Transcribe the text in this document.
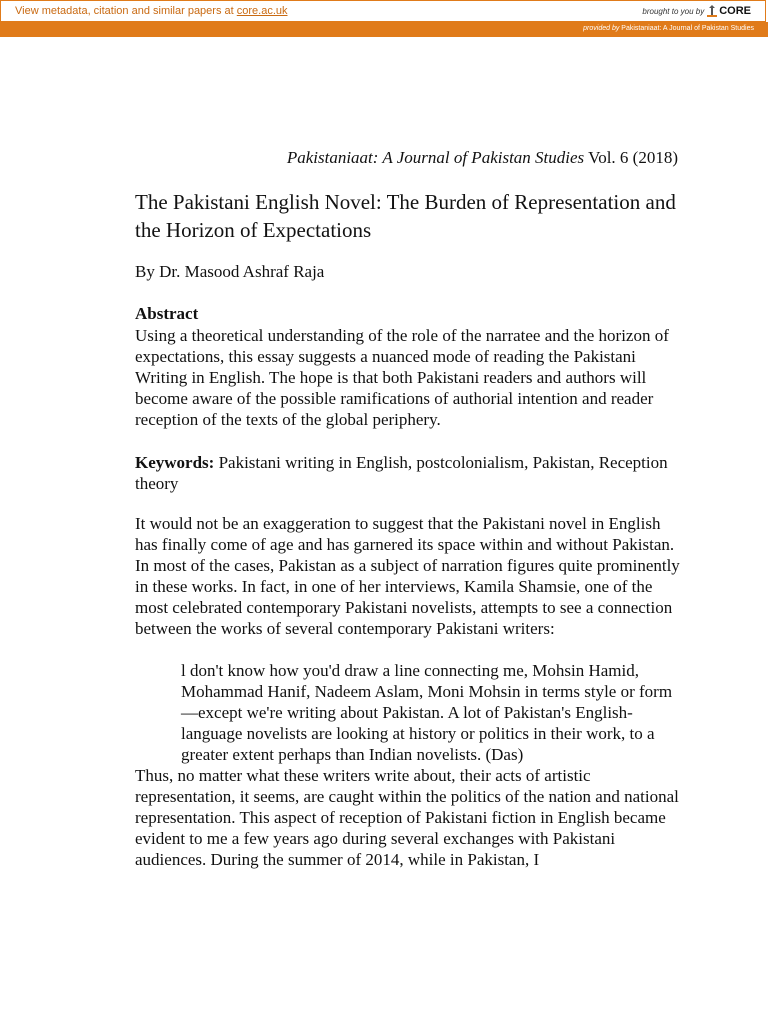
View metadata, citation and similar papers at core.ac.uk	brought to you by CORE
provided by Pakistaniaat: A Journal of Pakistan Studies
Pakistaniaat: A Journal of Pakistan Studies Vol. 6 (2018)
The Pakistani English Novel: The Burden of Representation and the Horizon of Expectations
By Dr. Masood Ashraf Raja
Abstract
Using a theoretical understanding of the role of the narratee and the horizon of expectations, this essay suggests a nuanced mode of reading the Pakistani Writing in English. The hope is that both Pakistani readers and authors will become aware of the possible ramifications of authorial intention and reader reception of the texts of the global periphery.
Keywords: Pakistani writing in English, postcolonialism, Pakistan, Reception theory
It would not be an exaggeration to suggest that the Pakistani novel in English has finally come of age and has garnered its space within and without Pakistan. In most of the cases, Pakistan as a subject of narration figures quite prominently in these works. In fact, in one of her interviews, Kamila Shamsie, one of the most celebrated contemporary Pakistani novelists, attempts to see a connection between the works of several contemporary Pakistani writers:
l don't know how you'd draw a line connecting me, Mohsin Hamid, Mohammad Hanif, Nadeem Aslam, Moni Mohsin in terms style or form—except we're writing about Pakistan. A lot of Pakistan's English-language novelists are looking at history or politics in their work, to a greater extent perhaps than Indian novelists. (Das)
Thus, no matter what these writers write about, their acts of artistic representation, it seems, are caught within the politics of the nation and national representation. This aspect of reception of Pakistani fiction in English became evident to me a few years ago during several exchanges with Pakistani audiences. During the summer of 2014, while in Pakistan, I
